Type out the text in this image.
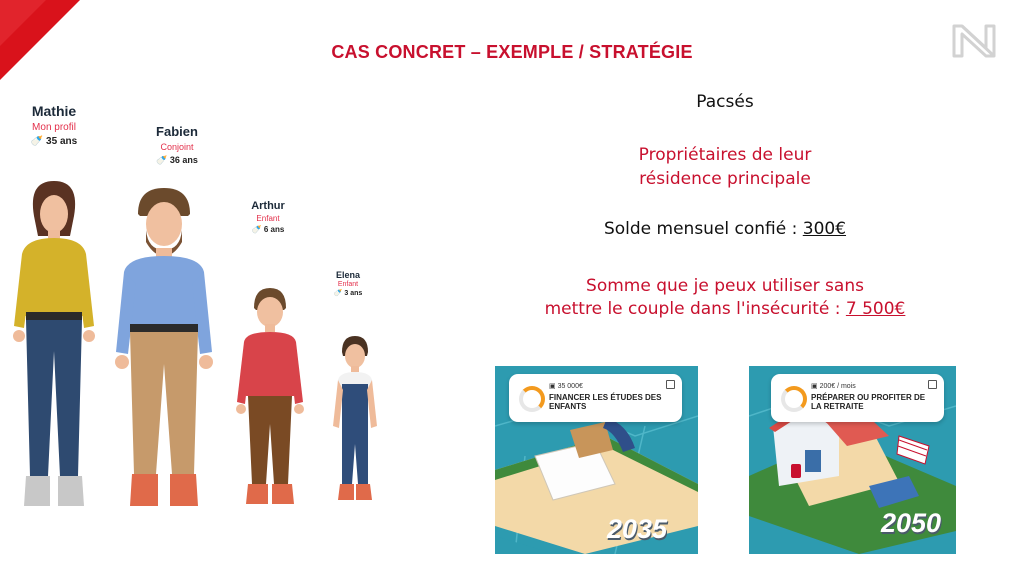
CAS CONCRET – EXEMPLE / STRATÉGIE
Mathie
Mon profil
🍼 35 ans
Fabien
Conjoint
🍼 36 ans
Arthur
Enfant
🍼 6 ans
Elena
Enfant
🍼 3 ans
Pacsés
Propriétaires de leur
résidence principale
Solde mensuel confié : 300€
Somme que je peux utiliser sans
mettre le couple dans l'insécurité : 7 500€
▣ 35 000€
FINANCER LES ÉTUDES DES ENFANTS
2035
▣ 200€ / mois
PRÉPARER OU PROFITER DE LA RETRAITE
2050
